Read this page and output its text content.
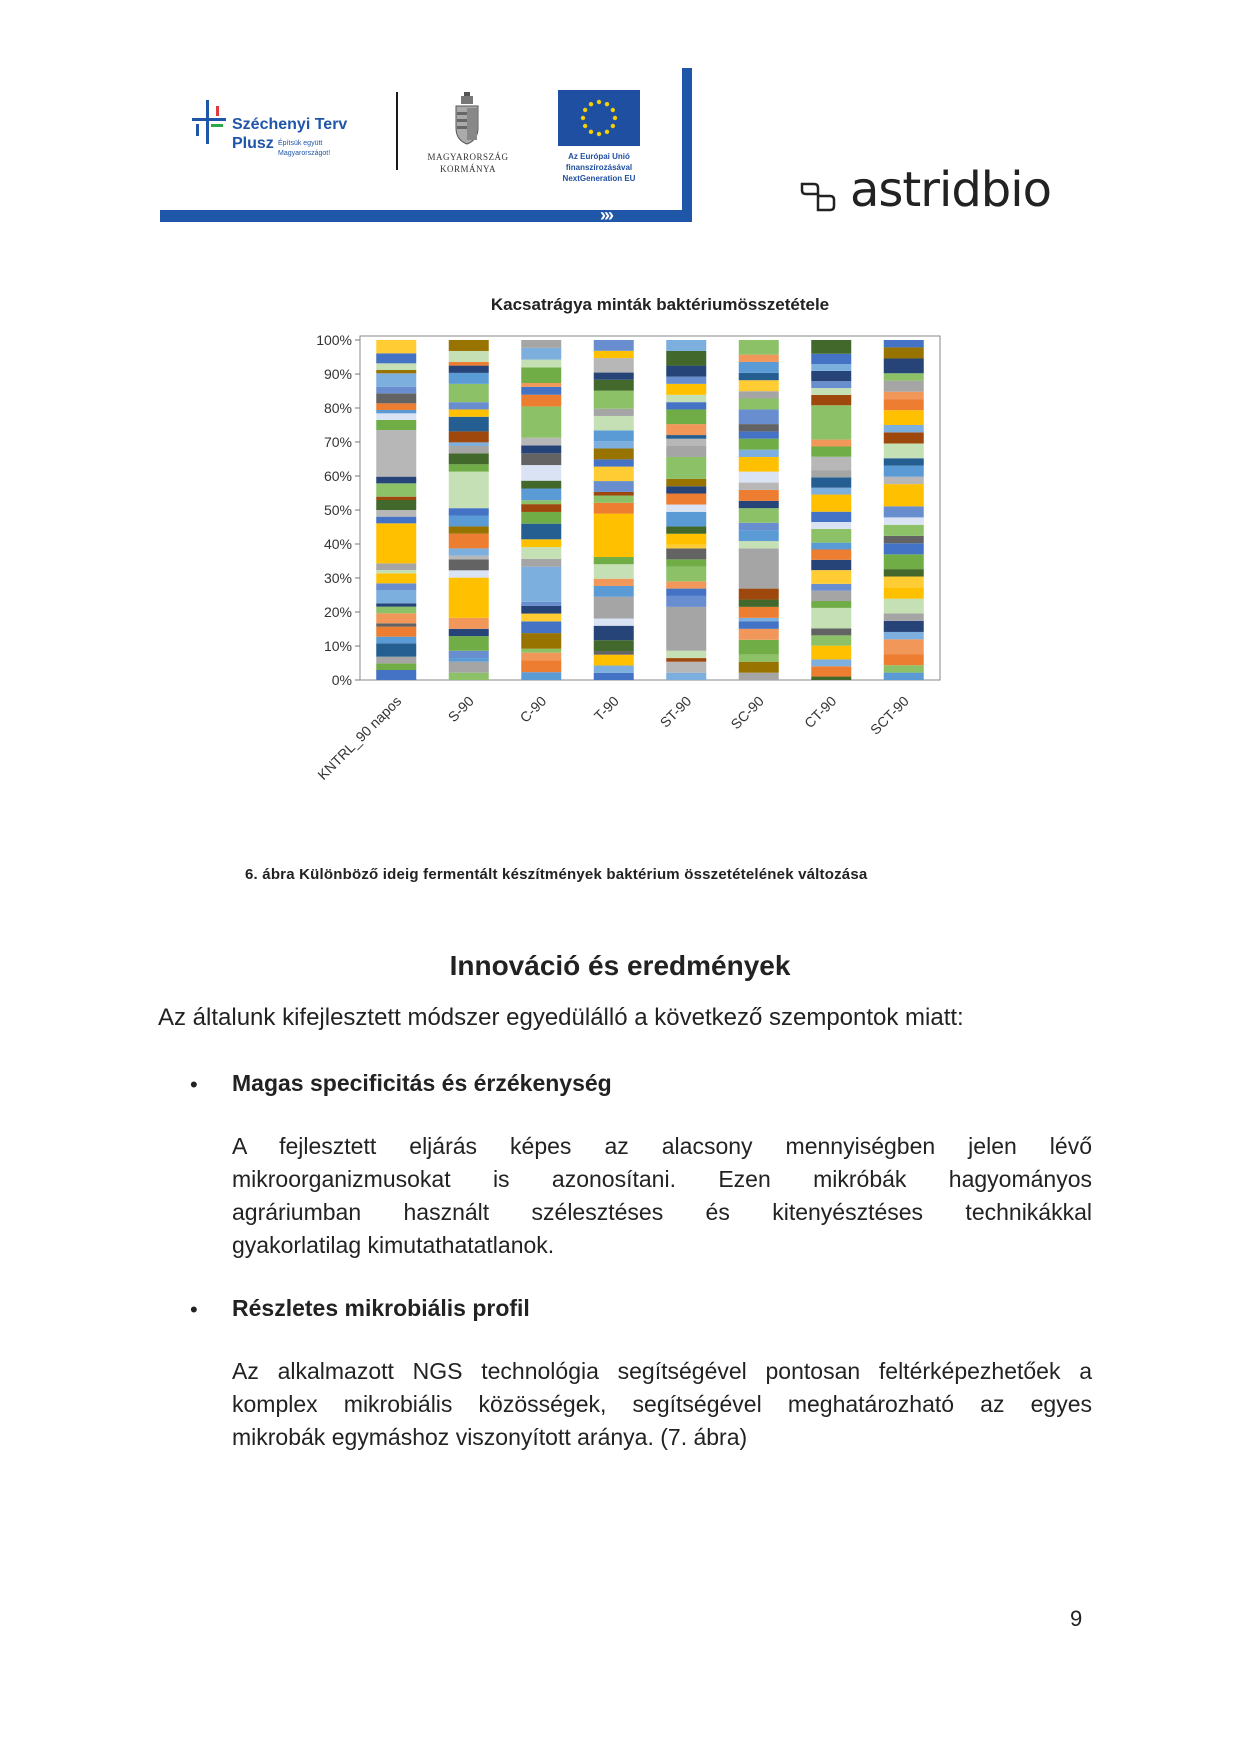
Széchenyi Terv
Plusz Építsük együtt
Magyarországot!	MAGYARORSZÁG
KORMÁNYA
Az Európai Unió
finanszírozásával
NextGeneration EU
›››	astridbio
Kacsatrágya minták baktériumösszetétele
0%
10%
20%
30%
40%
50%
60%
70%
80%
90%
100%
KNTRL_90 napos	S-90	C-90	T-90 ST-90 SC-90 CT-90 SCT-90
6. ábra Különböző ideig fermentált készítmények baktérium összetételének változása
Innováció és eredmények
Az általunk kifejlesztett módszer egyedülálló a következő szempontok miatt:
• Magas specificitás és érzékenység
A fejlesztett eljárás képes az alacsony mennyiségben jelen lévő
mikroorganizmusokat is azonosítani. Ezen mikróbák hagyományos
agráriumban használt szélesztéses és kitenyésztéses technikákkal
gyakorlatilag kimutathatatlanok.
• Részletes mikrobiális profil
Az alkalmazott NGS technológia segítségével pontosan feltérképezhetőek a
komplex mikrobiális közösségek, segítségével meghatározható az egyes
mikrobák egymáshoz viszonyított aránya. (7. ábra)
9
